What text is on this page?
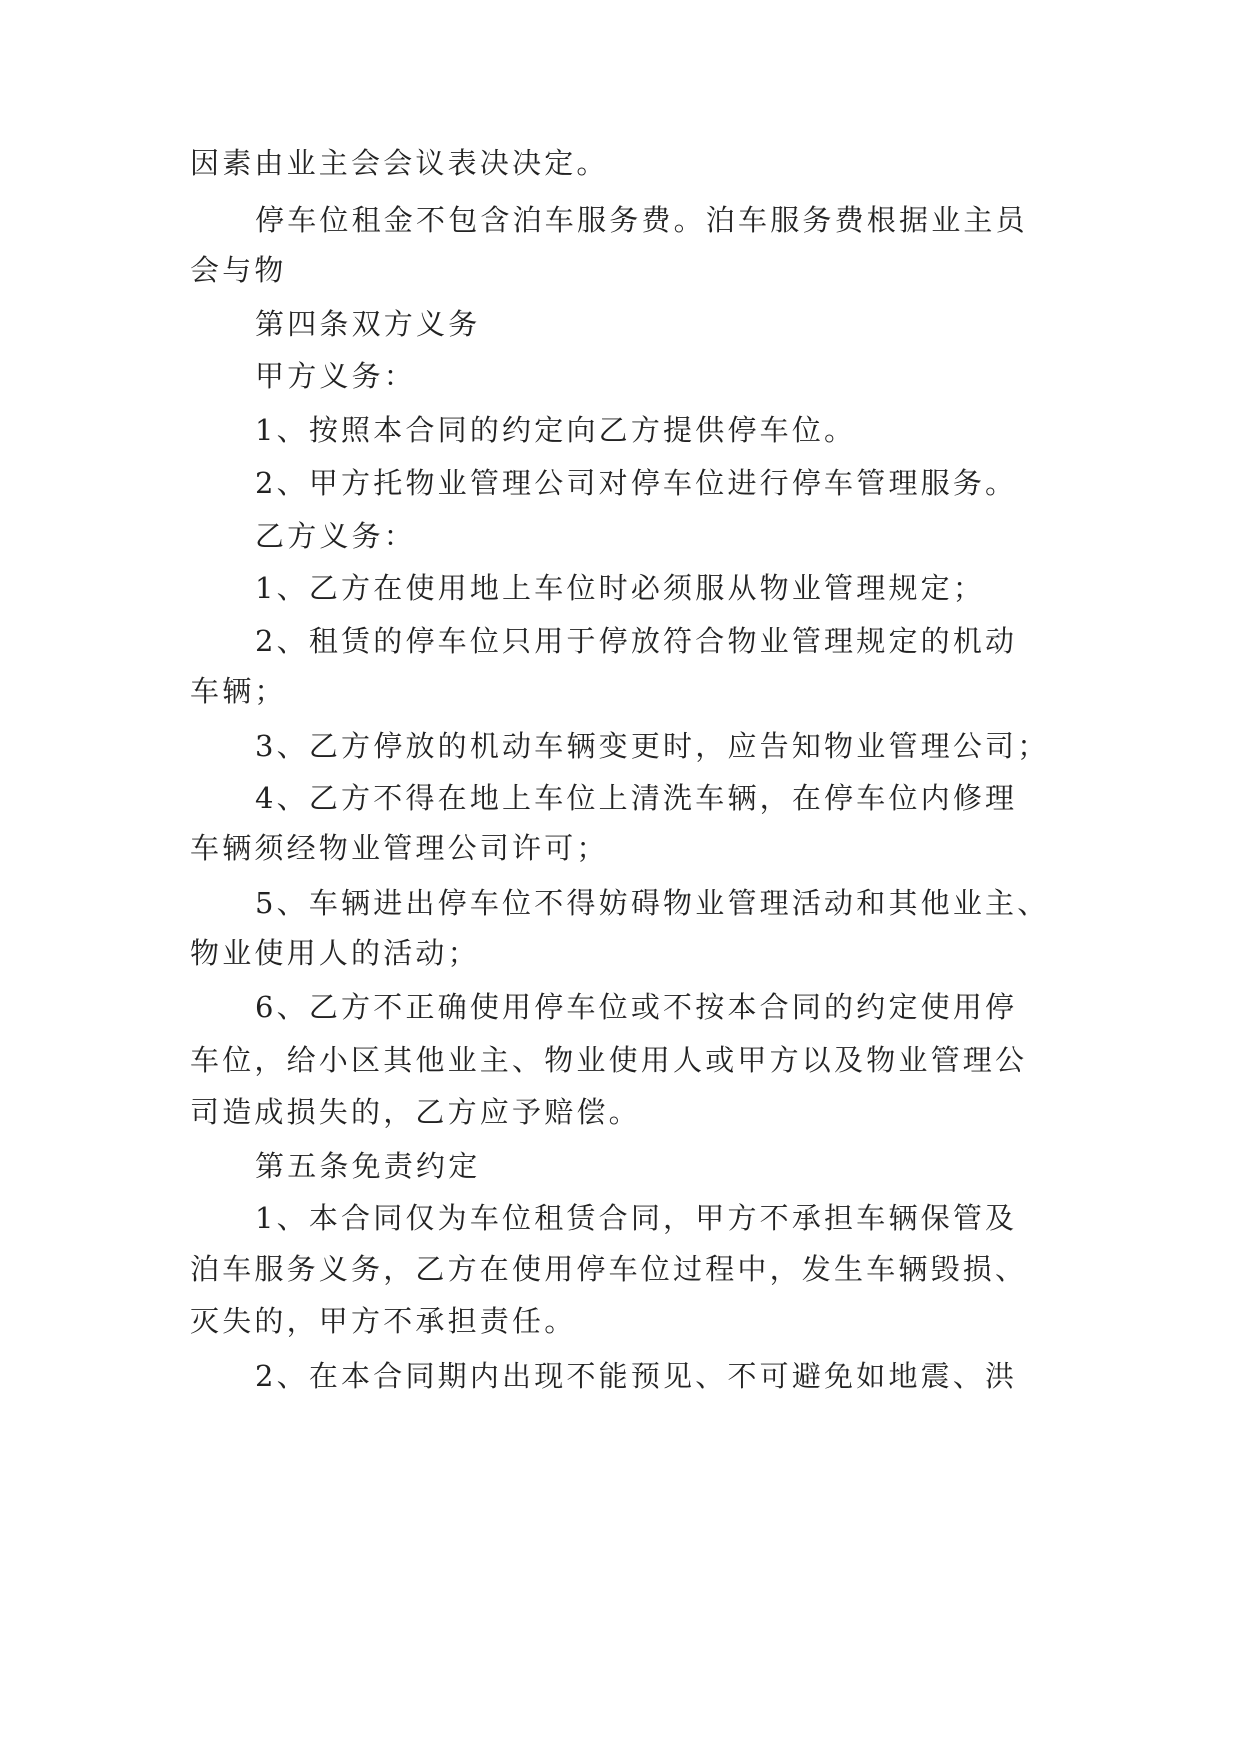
因素由业主会会议表决决定。

停车位租金不包含泊车服务费。泊车服务费根据业主员

会与物

第四条双方义务

甲方义务：

1、按照本合同的约定向乙方提供停车位。

2、甲方托物业管理公司对停车位进行停车管理服务。

乙方义务：

1、乙方在使用地上车位时必须服从物业管理规定；

2、租赁的停车位只用于停放符合物业管理规定的机动

车辆；

3、乙方停放的机动车辆变更时，应告知物业管理公司；

4、乙方不得在地上车位上清洗车辆，在停车位内修理

车辆须经物业管理公司许可；

5、车辆进出停车位不得妨碍物业管理活动和其他业主、

物业使用人的活动；

6、乙方不正确使用停车位或不按本合同的约定使用停

车位，给小区其他业主、物业使用人或甲方以及物业管理公

司造成损失的，乙方应予赔偿。

第五条免责约定

1、本合同仅为车位租赁合同，甲方不承担车辆保管及

泊车服务义务，乙方在使用停车位过程中，发生车辆毁损、

灭失的，甲方不承担责任。

2、在本合同期内出现不能预见、不可避免如地震、洪
